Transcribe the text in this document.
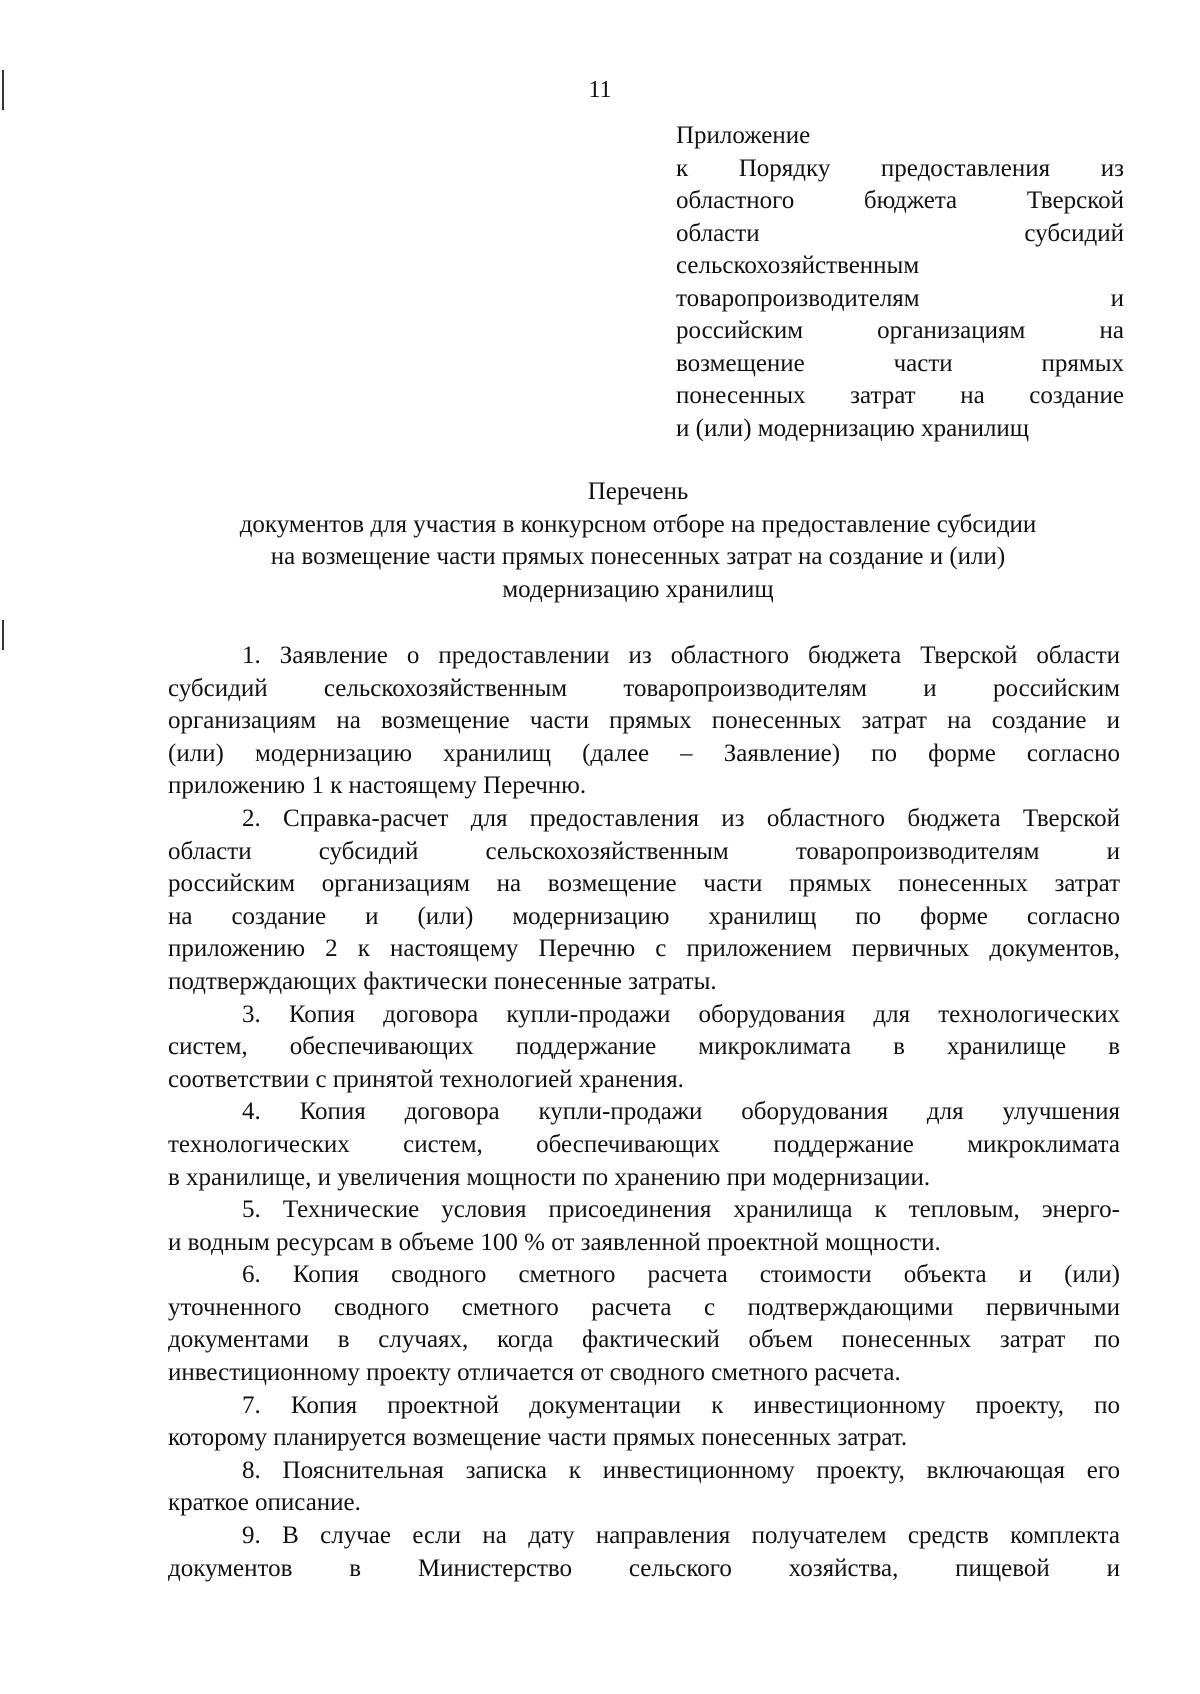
11
Приложение
к Порядку предоставления из
областного бюджета Тверской
области субсидий
сельскохозяйственным
товаропроизводителям и
российским организациям на
возмещение части прямых
понесенных затрат на создание
и (или) модернизацию хранилищ
Перечень
документов для участия в конкурсном отборе на предоставление субсидии
на возмещение части прямых понесенных затрат на создание и (или)
модернизацию хранилищ

1. Заявление о предоставлении из областного бюджета Тверской области
субсидий сельскохозяйственным товаропроизводителям и российским
организациям на возмещение части прямых понесенных затрат на создание и
(или) модернизацию хранилищ (далее – Заявление) по форме согласно
приложению 1 к настоящему Перечню.

2. Справка-расчет для предоставления из областного бюджета Тверской
области субсидий сельскохозяйственным товаропроизводителям и
российским организациям на возмещение части прямых понесенных затрат
на создание и (или) модернизацию хранилищ по форме согласно
приложению 2 к настоящему Перечню с приложением первичных документов,
подтверждающих фактически понесенные затраты.

3. Копия договора купли-продажи оборудования для технологических
систем, обеспечивающих поддержание микроклимата в хранилище в
соответствии с принятой технологией хранения.

4. Копия договора купли-продажи оборудования для улучшения
технологических систем, обеспечивающих поддержание микроклимата
в хранилище, и увеличения мощности по хранению при модернизации.

5. Технические условия присоединения хранилища к тепловым, энерго-
и водным ресурсам в объеме 100 % от заявленной проектной мощности.

6. Копия сводного сметного расчета стоимости объекта и (или)
уточненного сводного сметного расчета с подтверждающими первичными
документами в случаях, когда фактический объем понесенных затрат по
инвестиционному проекту отличается от сводного сметного расчета.

7. Копия проектной документации к инвестиционному проекту, по
которому планируется возмещение части прямых понесенных затрат.

8. Пояснительная записка к инвестиционному проекту, включающая его
краткое описание.

9. В случае если на дату направления получателем средств комплекта
документов в Министерство сельского хозяйства, пищевой и
